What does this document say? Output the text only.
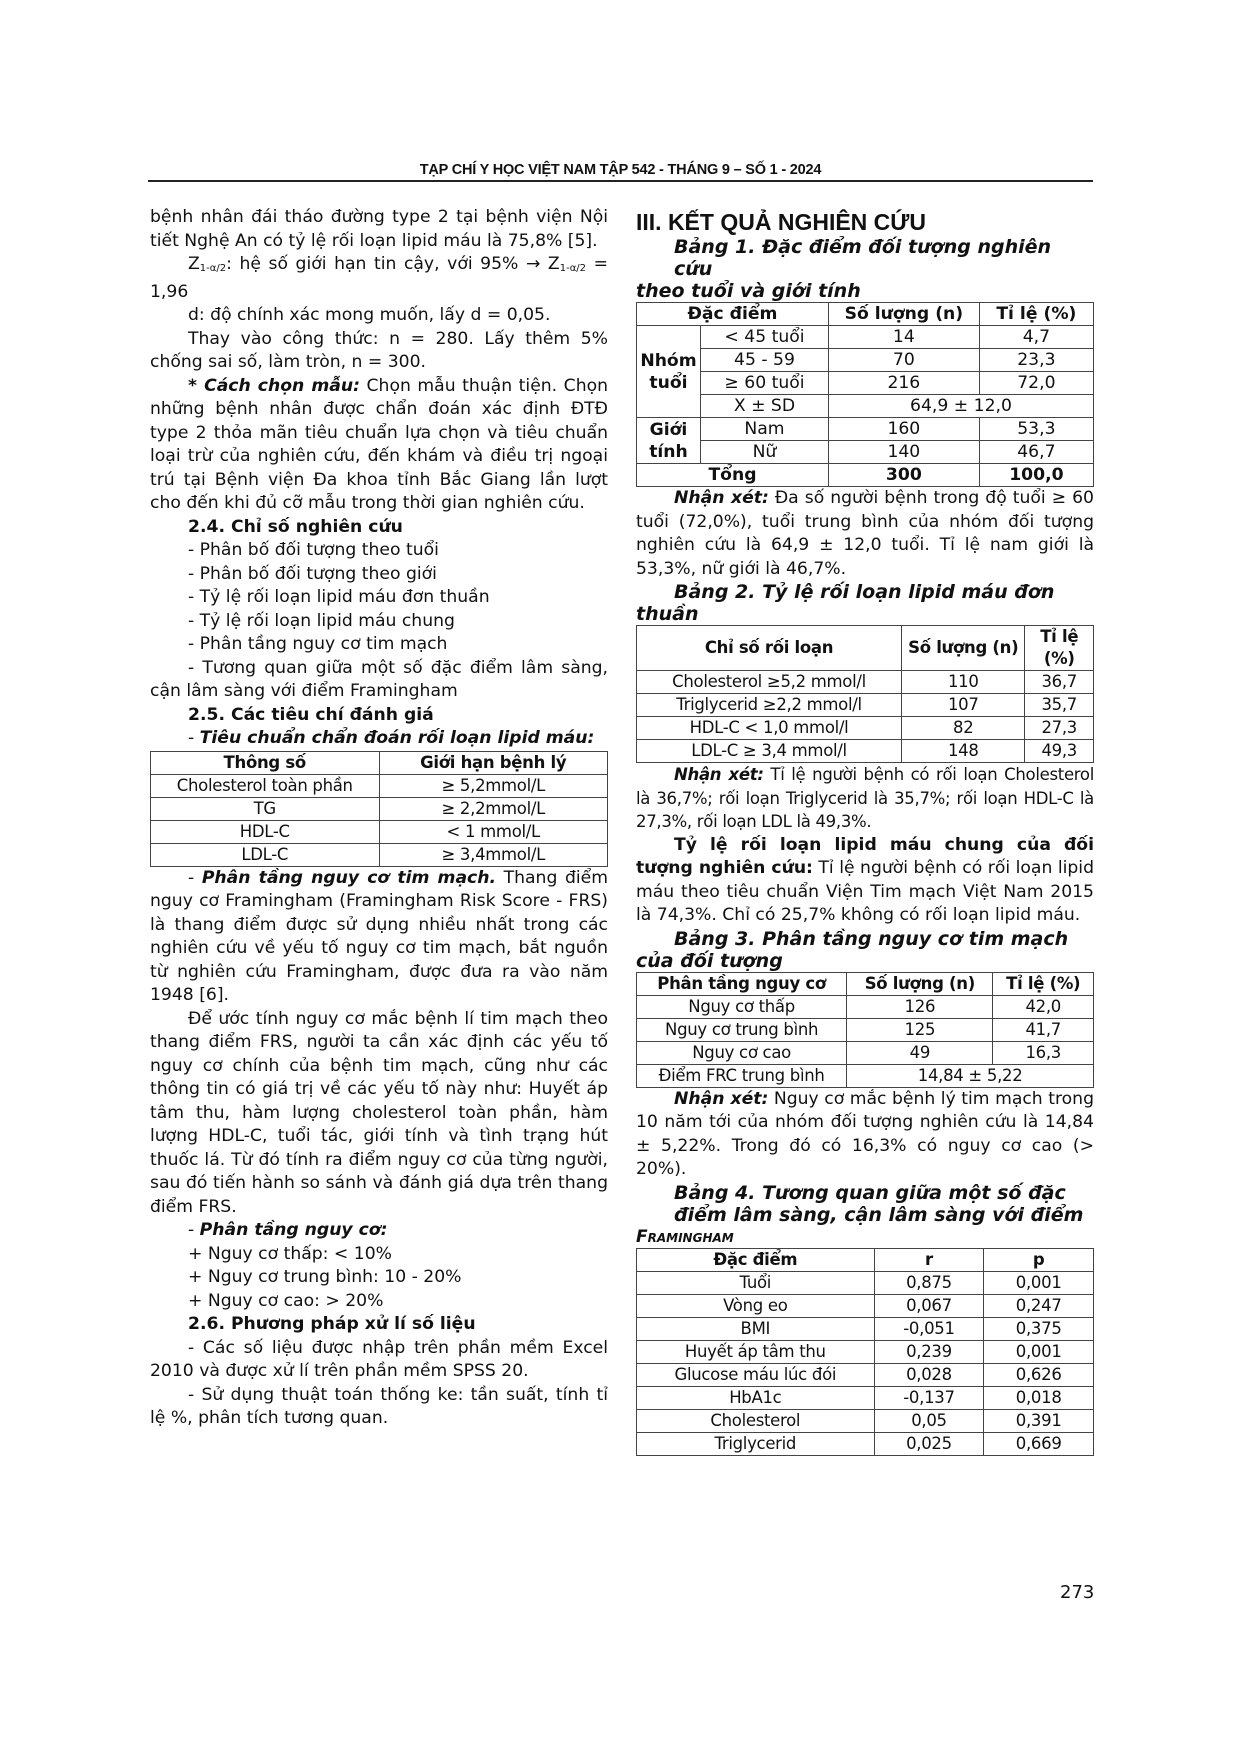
TẠP CHÍ Y HỌC VIỆT NAM TẬP 542 - THÁNG 9 – SỐ 1 - 2024

bệnh nhân đái tháo đường type 2 tại bệnh viện Nội tiết Nghệ An có tỷ lệ rối loạn lipid máu là 75,8% [5].

$Z_{1-\alpha/2}$: hệ số giới hạn tin cậy, với $95\% \to Z_{1-\alpha/2} = 1,96$

d: độ chính xác mong muốn, lấy d = 0,05.

Thay vào công thức: n = 280. Lấy thêm 5% chống sai số, làm tròn, n = 300.

* Cách chọn mẫu: Chọn mẫu thuận tiện. Chọn những bệnh nhân được chẩn đoán xác định ĐTĐ type 2 thỏa mãn tiêu chuẩn lựa chọn và tiêu chuẩn loại trừ của nghiên cứu, đến khám và điều trị ngoại trú tại Bệnh viện Đa khoa tỉnh Bắc Giang lần lượt cho đến khi đủ cỡ mẫu trong thời gian nghiên cứu.

2.4. Chỉ số nghiên cứu
- Phân bố đối tượng theo tuổi
- Phân bố đối tượng theo giới
- Tỷ lệ rối loạn lipid máu đơn thuần
- Tỷ lệ rối loạn lipid máu chung
- Phân tầng nguy cơ tim mạch

- Tương quan giữa một số đặc điểm lâm sàng, cận lâm sàng với điểm Framingham

2.5. Các tiêu chí đánh giá
- Tiêu chuẩn chẩn đoán rối loạn lipid máu:
Thông số	Giới hạn bệnh lý
Cholesterol toàn phần	≥ 5,2mmol/L
TG	≥ 2,2mmol/L
HDL-C	< 1 mmol/L
LDL-C	≥ 3,4mmol/L

- Phân tầng nguy cơ tim mạch. Thang điểm nguy cơ Framingham (Framingham Risk Score - FRS) là thang điểm được sử dụng nhiều nhất trong các nghiên cứu về yếu tố nguy cơ tim mạch, bắt nguồn từ nghiên cứu Framingham, được đưa ra vào năm 1948 [6].

Để ước tính nguy cơ mắc bệnh lí tim mạch theo thang điểm FRS, người ta cần xác định các yếu tố nguy cơ chính của bệnh tim mạch, cũng như các thông tin có giá trị về các yếu tố này như: Huyết áp tâm thu, hàm lượng cholesterol toàn phần, hàm lượng HDL-C, tuổi tác, giới tính và tình trạng hút thuốc lá. Từ đó tính ra điểm nguy cơ của từng người, sau đó tiến hành so sánh và đánh giá dựa trên thang điểm FRS.

- Phân tầng nguy cơ:
+ Nguy cơ thấp: < 10%
+ Nguy cơ trung bình: 10 - 20%
+ Nguy cơ cao: > 20%
2.6. Phương pháp xử lí số liệu

- Các số liệu được nhập trên phần mềm Excel 2010 và được xử lí trên phần mềm SPSS 20.

- Sử dụng thuật toán thống ke: tần suất, tính tỉ lệ %, phân tích tương quan.

III. KẾT QUẢ NGHIÊN CỨU
Bảng 1. Đặc điểm đối tượng nghiên cứu
theo tuổi và giới tính
Đặc điểm		Số lượng (n)	Tỉ lệ (%)
Nhóm tuổi	< 45 tuổi	14	4,7
	45 - 59	70	23,3
	≥ 60 tuổi	216	72,0
	X ± SD	64,9 ± 12,0	
Giới tính	Nam	160	53,3
	Nữ	140	46,7
Tổng		300	100,0

Nhận xét: Đa số người bệnh trong độ tuổi ≥ 60 tuổi (72,0%), tuổi trung bình của nhóm đối tượng nghiên cứu là 64,9 ± 12,0 tuổi. Tỉ lệ nam giới là 53,3%, nữ giới là 46,7%.

Bảng 2. Tỷ lệ rối loạn lipid máu đơn
thuần
Chỉ số rối loạn	Số lượng (n)	Tỉ lệ (%)
Cholesterol ≥5,2 mmol/l	110	36,7
Triglycerid ≥2,2 mmol/l	107	35,7
HDL-C < 1,0 mmol/l	82	27,3
LDL-C ≥ 3,4 mmol/l	148	49,3

Nhận xét: Tỉ lệ người bệnh có rối loạn Cholesterol là 36,7%; rối loạn Triglycerid là 35,7%; rối loạn HDL-C là 27,3%, rối loạn LDL là 49,3%.

Tỷ lệ rối loạn lipid máu chung của đối tượng nghiên cứu: Tỉ lệ người bệnh có rối loạn lipid máu theo tiêu chuẩn Viện Tim mạch Việt Nam 2015 là 74,3%. Chỉ có 25,7% không có rối loạn lipid máu.

Bảng 3. Phân tầng nguy cơ tim mạch
của đối tượng
Phân tầng nguy cơ	Số lượng (n)	Tỉ lệ (%)
Nguy cơ thấp	126	42,0
Nguy cơ trung bình	125	41,7
Nguy cơ cao	49	16,3
Điểm FRC trung bình	14,84 ± 5,22	

Nhận xét: Nguy cơ mắc bệnh lý tim mạch trong 10 năm tới của nhóm đối tượng nghiên cứu là 14,84 ± 5,22%. Trong đó có 16,3% có nguy cơ cao (> 20%).

Bảng 4. Tương quan giữa một số đặc điểm lâm sàng, cận lâm sàng với điểm
Framingham
Đặc điểm	r	p
Tuổi	0,875	0,001
Vòng eo	0,067	0,247
BMI	-0,051	0,375
Huyết áp tâm thu	0,239	0,001
Glucose máu lúc đói	0,028	0,626
HbA1c	-0,137	0,018
Cholesterol	0,05	0,391
Triglycerid	0,025	0,669
273
